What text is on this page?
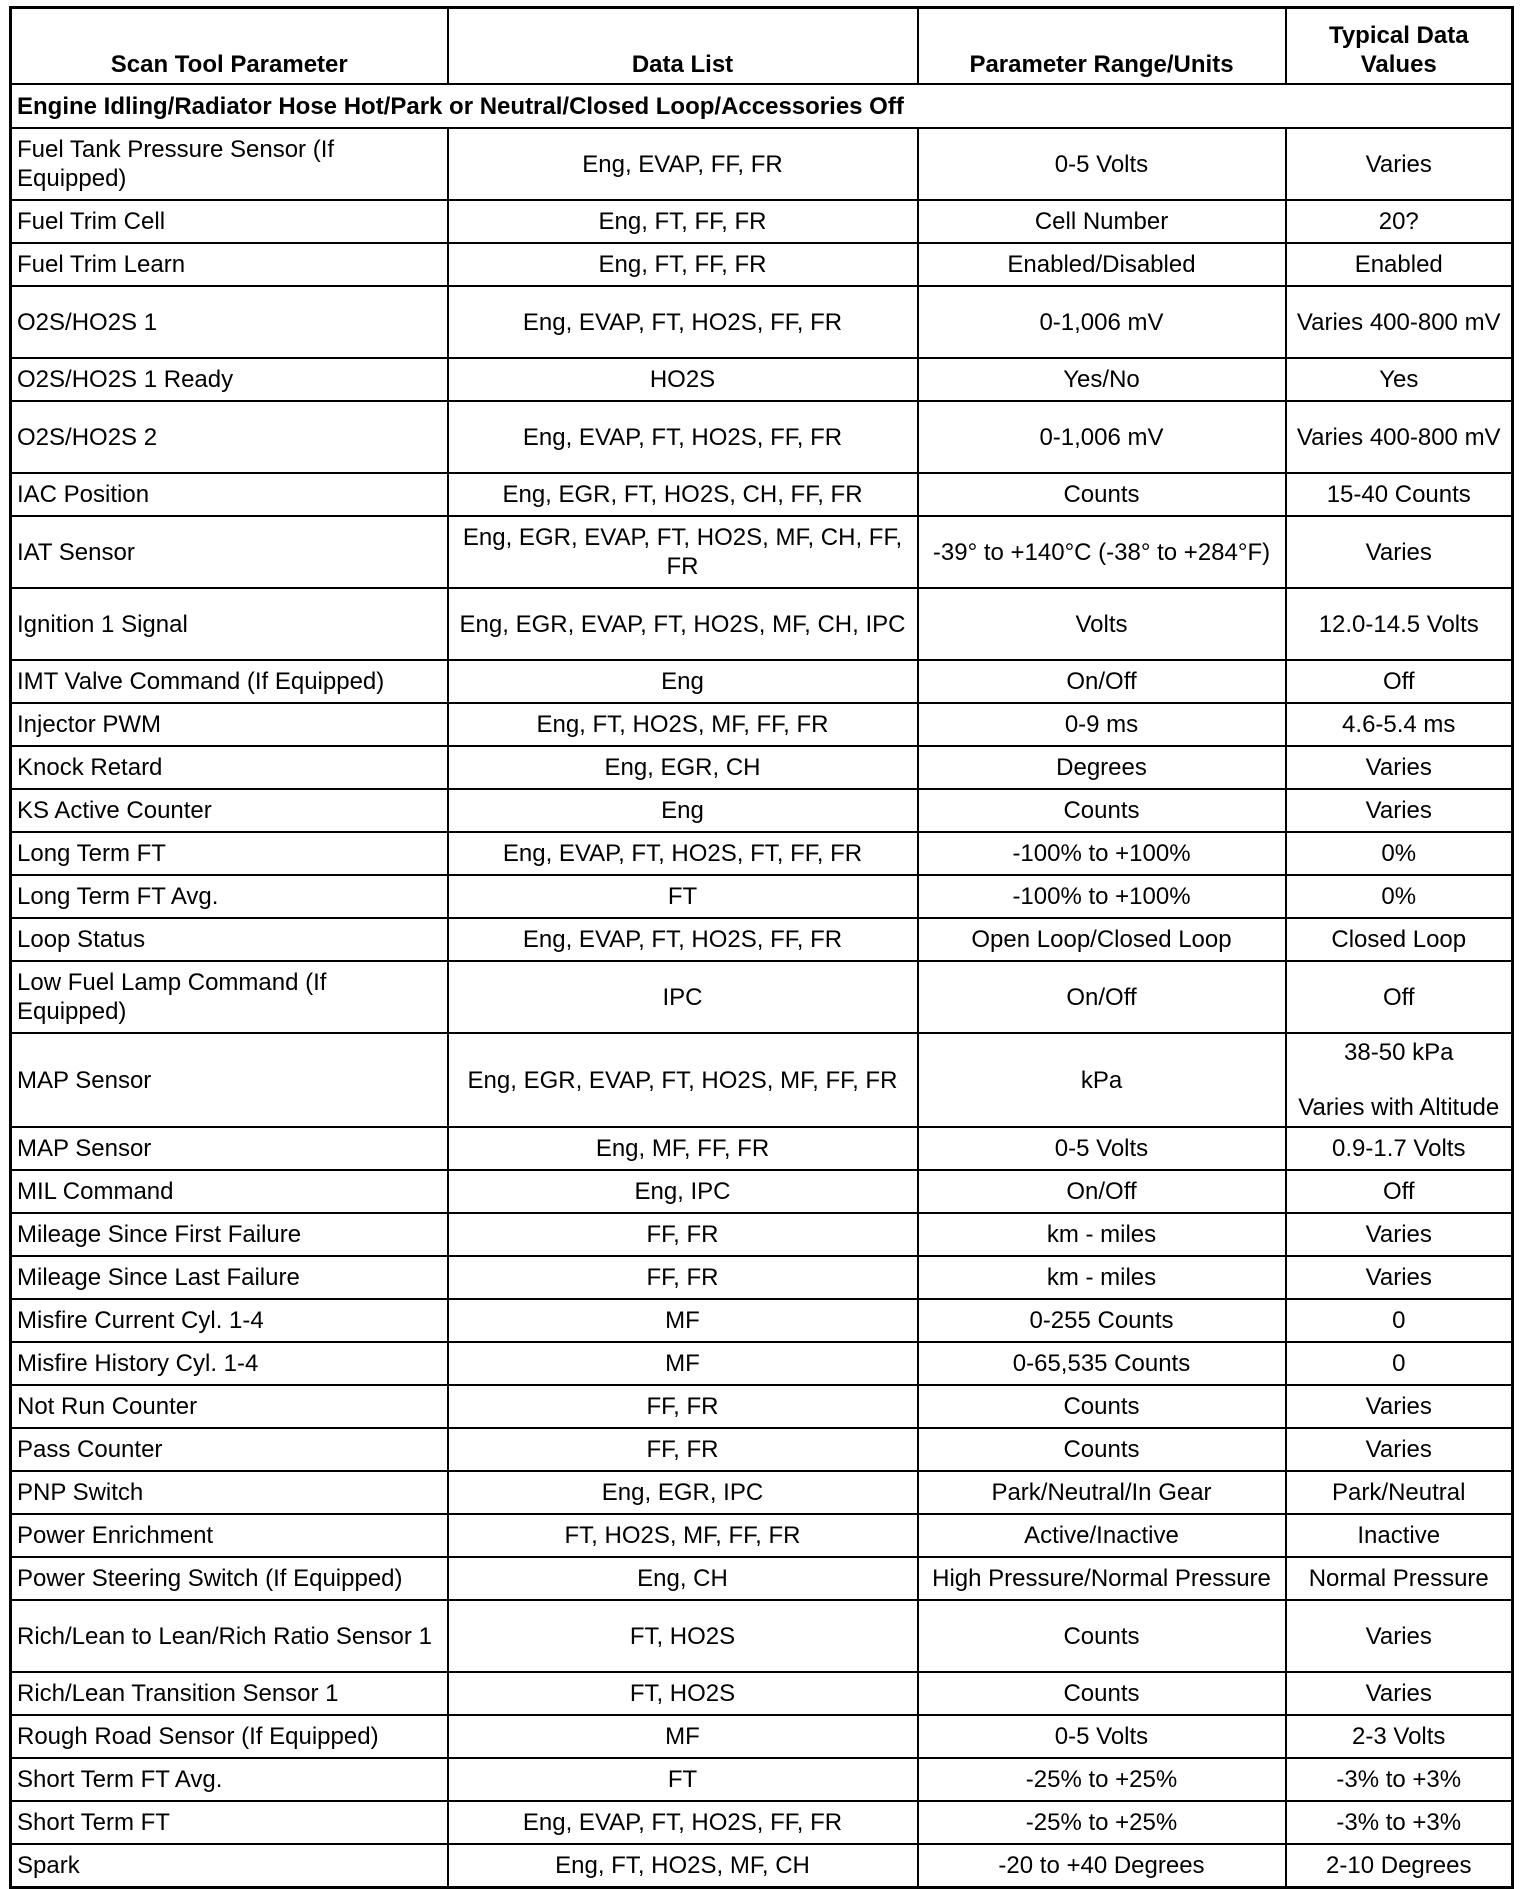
Scan Tool Parameter	Data List	Parameter Range/Units	Typical Data Values
Engine Idling/Radiator Hose Hot/Park or Neutral/Closed Loop/Accessories Off			
Fuel Tank Pressure Sensor (If Equipped)	Eng, EVAP, FF, FR	0-5 Volts	Varies
Fuel Trim Cell	Eng, FT, FF, FR	Cell Number	20?
Fuel Trim Learn	Eng, FT, FF, FR	Enabled/Disabled	Enabled
O2S/HO2S 1	Eng, EVAP, FT, HO2S, FF, FR	0-1,006 mV	Varies 400-800 mV
O2S/HO2S 1 Ready	HO2S	Yes/No	Yes
O2S/HO2S 2	Eng, EVAP, FT, HO2S, FF, FR	0-1,006 mV	Varies 400-800 mV
IAC Position	Eng, EGR, FT, HO2S, CH, FF, FR	Counts	15-40 Counts
IAT Sensor	Eng, EGR, EVAP, FT, HO2S, MF, CH, FF, FR	-39° to +140°C (-38° to +284°F)	Varies
Ignition 1 Signal	Eng, EGR, EVAP, FT, HO2S, MF, CH, IPC	Volts	12.0-14.5 Volts
IMT Valve Command (If Equipped)	Eng	On/Off	Off
Injector PWM	Eng, FT, HO2S, MF, FF, FR	0-9 ms	4.6-5.4 ms
Knock Retard	Eng, EGR, CH	Degrees	Varies
KS Active Counter	Eng	Counts	Varies
Long Term FT	Eng, EVAP, FT, HO2S, FT, FF, FR	-100% to +100%	0%
Long Term FT Avg.	FT	-100% to +100%	0%
Loop Status	Eng, EVAP, FT, HO2S, FF, FR	Open Loop/Closed Loop	Closed Loop
Low Fuel Lamp Command (If Equipped)	IPC	On/Off	Off
MAP Sensor	Eng, EGR, EVAP, FT, HO2S, MF, FF, FR	kPa	38-50 kPa
Varies with Altitude

MAP Sensor	Eng, MF, FF, FR	0-5 Volts	0.9-1.7 Volts
MIL Command	Eng, IPC	On/Off	Off
Mileage Since First Failure	FF, FR	km - miles	Varies
Mileage Since Last Failure	FF, FR	km - miles	Varies
Misfire Current Cyl. 1-4	MF	0-255 Counts	0
Misfire History Cyl. 1-4	MF	0-65,535 Counts	0
Not Run Counter	FF, FR	Counts	Varies
Pass Counter	FF, FR	Counts	Varies
PNP Switch	Eng, EGR, IPC	Park/Neutral/In Gear	Park/Neutral
Power Enrichment	FT, HO2S, MF, FF, FR	Active/Inactive	Inactive
Power Steering Switch (If Equipped)	Eng, CH	High Pressure/Normal Pressure	Normal Pressure
Rich/Lean to Lean/Rich Ratio Sensor 1	FT, HO2S	Counts	Varies
Rich/Lean Transition Sensor 1	FT, HO2S	Counts	Varies
Rough Road Sensor (If Equipped)	MF	0-5 Volts	2-3 Volts
Short Term FT Avg.	FT	-25% to +25%	-3% to +3%
Short Term FT	Eng, EVAP, FT, HO2S, FF, FR	-25% to +25%	-3% to +3%
Spark	Eng, FT, HO2S, MF, CH	-20 to +40 Degrees	2-10 Degrees
